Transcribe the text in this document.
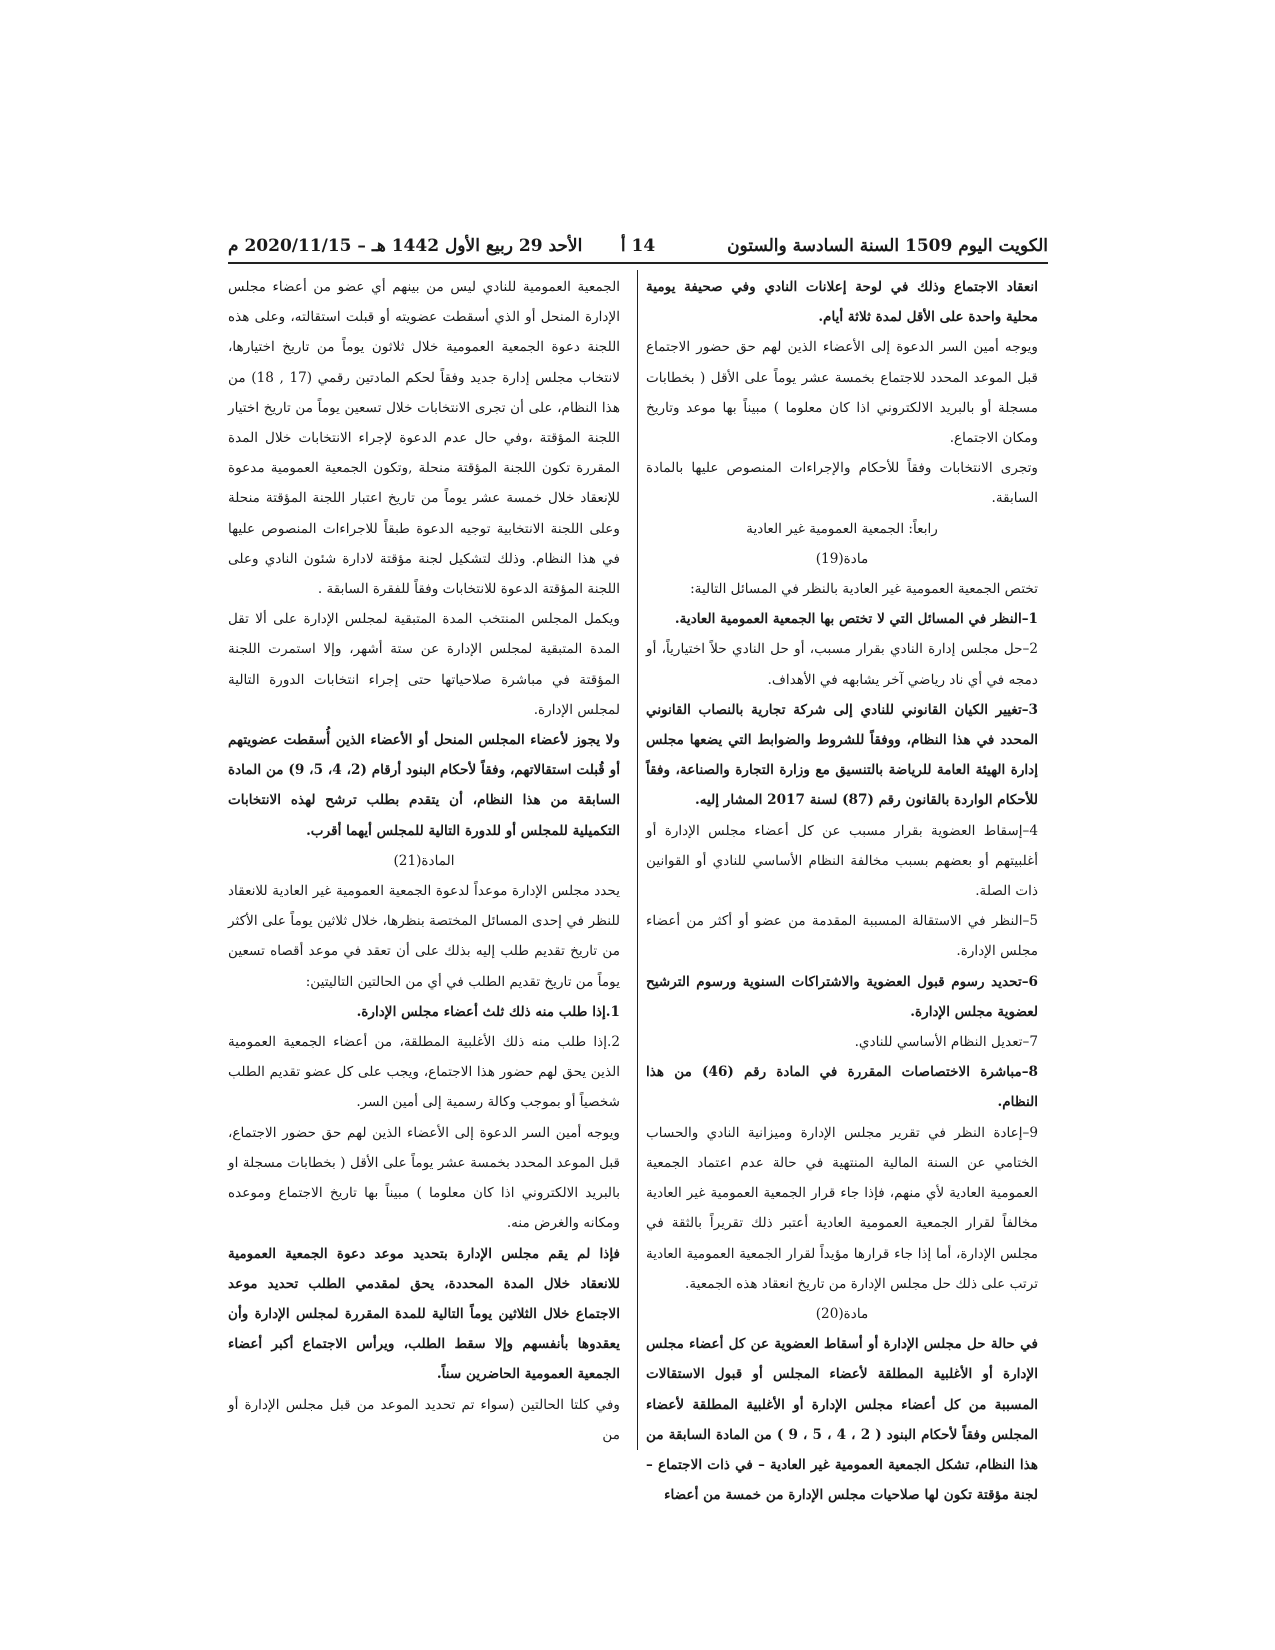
الكويت اليوم 1509 السنة السادسة والستون
14 أ
الأحد 29 ربيع الأول 1442 هـ – 2020/11/15 م

انعقاد الاجتماع وذلك في لوحة إعلانات النادي وفي صحيفة يومية محلية واحدة على الأقل لمدة ثلاثة أيام.

ويوجه أمين السر الدعوة إلى الأعضاء الذين لهم حق حضور الاجتماع قبل الموعد المحدد للاجتماع بخمسة عشر يوماً على الأقل ( بخطابات مسجلة أو بالبريد الالكتروني اذا كان معلوما ) مبيناً بها موعد وتاريخ ومكان الاجتماع.

وتجرى الانتخابات وفقاً للأحكام والإجراءات المنصوص عليها بالمادة السابقة.

رابعاً: الجمعية العمومية غير العادية

مادة(19)

تختص الجمعية العمومية غير العادية بالنظر في المسائل التالية:

1–النظر في المسائل التي لا تختص بها الجمعية العمومية العادية.

2–حل مجلس إدارة النادي بقرار مسبب، أو حل النادي حلاً اختيارياً، أو دمجه في أي ناد رياضي آخر يشابهه في الأهداف.

3–تغيير الكيان القانوني للنادي إلى شركة تجارية بالنصاب القانوني المحدد في هذا النظام، ووفقاً للشروط والضوابط التي يضعها مجلس إدارة الهيئة العامة للرياضة بالتنسيق مع وزارة التجارة والصناعة، وفقاً للأحكام الواردة بالقانون رقم (87) لسنة 2017 المشار إليه.

4–إسقاط العضوية بقرار مسبب عن كل أعضاء مجلس الإدارة أو أغلبيتهم أو بعضهم بسبب مخالفة النظام الأساسي للنادي أو القوانين ذات الصلة.

5–النظر في الاستقالة المسببة المقدمة من عضو أو أكثر من أعضاء مجلس الإدارة.

6–تحديد رسوم قبول العضوية والاشتراكات السنوية ورسوم الترشيح لعضوية مجلس الإدارة.

7–تعديل النظام الأساسي للنادي.

8–مباشرة الاختصاصات المقررة في المادة رقم (46) من هذا النظام.

9–إعادة النظر في تقرير مجلس الإدارة وميزانية النادي والحساب الختامي عن السنة المالية المنتهية في حالة عدم اعتماد الجمعية العمومية العادية لأي منهم، فإذا جاء قرار الجمعية العمومية غير العادية مخالفاً لقرار الجمعية العمومية العادية أعتبر ذلك تقريراً بالثقة في مجلس الإدارة، أما إذا جاء قرارها مؤيداً لقرار الجمعية العمومية العادية ترتب على ذلك حل مجلس الإدارة من تاريخ انعقاد هذه الجمعية.

مادة(20)

في حالة حل مجلس الإدارة أو أسقاط العضوية عن كل أعضاء مجلس الإدارة أو الأغلبية المطلقة لأعضاء المجلس أو قبول الاستقالات المسببة من كل أعضاء مجلس الإدارة أو الأغلبية المطلقة لأعضاء المجلس وفقاً لأحكام البنود ( 2 ، 4 ، 5 ، 9 ) من المادة السابقة من هذا النظام، تشكل الجمعية العمومية غير العادية – في ذات الاجتماع – لجنة مؤقتة تكون لها صلاحيات مجلس الإدارة من خمسة من أعضاء

الجمعية العمومية للنادي ليس من بينهم أي عضو من أعضاء مجلس الإدارة المنحل أو الذي أسقطت عضويته أو قبلت استقالته، وعلى هذه اللجنة دعوة الجمعية العمومية خلال ثلاثون يوماً من تاريخ اختيارها، لانتخاب مجلس إدارة جديد وفقاً لحكم المادتين رقمي (17 , 18) من هذا النظام، على أن تجرى الانتخابات خلال تسعين يوماً من تاريخ اختيار اللجنة المؤقتة ،وفي حال عدم الدعوة لإجراء الانتخابات خلال المدة المقررة تكون اللجنة المؤقتة منحلة ,وتكون الجمعية العمومية مدعوة للإنعقاد خلال خمسة عشر يوماً من تاريخ اعتبار اللجنة المؤقتة منحلة وعلى اللجنة الانتخابية توجيه الدعوة طبقاً للاجراءات المنصوص عليها في هذا النظام. وذلك لتشكيل لجنة مؤقتة لادارة شئون النادي وعلى اللجنة المؤقتة الدعوة للانتخابات وفقاً للفقرة السابقة .

ويكمل المجلس المنتخب المدة المتبقية لمجلس الإدارة على ألا تقل المدة المتبقية لمجلس الإدارة عن ستة أشهر، وإلا استمرت اللجنة المؤقتة في مباشرة صلاحياتها حتى إجراء انتخابات الدورة التالية لمجلس الإدارة.

ولا يجوز لأعضاء المجلس المنحل أو الأعضاء الذين أُسقطت عضويتهم أو قُبلت استقالاتهم، وفقاً لأحكام البنود أرقام (2، 4، 5، 9) من المادة السابقة من هذا النظام، أن يتقدم بطلب ترشح لهذه الانتخابات التكميلية للمجلس أو للدورة التالية للمجلس أيهما أقرب.

المادة(21)

يحدد مجلس الإدارة موعداً لدعوة الجمعية العمومية غير العادية للانعقاد للنظر في إحدى المسائل المختصة بنظرها، خلال ثلاثين يوماً على الأكثر من تاريخ تقديم طلب إليه بذلك على أن تعقد في موعد أقصاه تسعين يوماً من تاريخ تقديم الطلب في أي من الحالتين التاليتين:

1.إذا طلب منه ذلك ثلث أعضاء مجلس الإدارة.

2.إذا طلب منه ذلك الأغلبية المطلقة، من أعضاء الجمعية العمومية الذين يحق لهم حضور هذا الاجتماع، ويجب على كل عضو تقديم الطلب شخصياً أو بموجب وكالة رسمية إلى أمين السر.

ويوجه أمين السر الدعوة إلى الأعضاء الذين لهم حق حضور الاجتماع، قبل الموعد المحدد بخمسة عشر يوماً على الأقل ( بخطابات مسجلة او بالبريد الالكتروني اذا كان معلوما ) مبيناً بها تاريخ الاجتماع وموعده ومكانه والغرض منه.

فإذا لم يقم مجلس الإدارة بتحديد موعد دعوة الجمعية العمومية للانعقاد خلال المدة المحددة، يحق لمقدمي الطلب تحديد موعد الاجتماع خلال الثلاثين يوماً التالية للمدة المقررة لمجلس الإدارة وأن يعقدوها بأنفسهم وإلا سقط الطلب، ويرأس الاجتماع أكبر أعضاء الجمعية العمومية الحاضرين سناً.

وفي كلتا الحالتين (سواء تم تحديد الموعد من قبل مجلس الإدارة أو من
